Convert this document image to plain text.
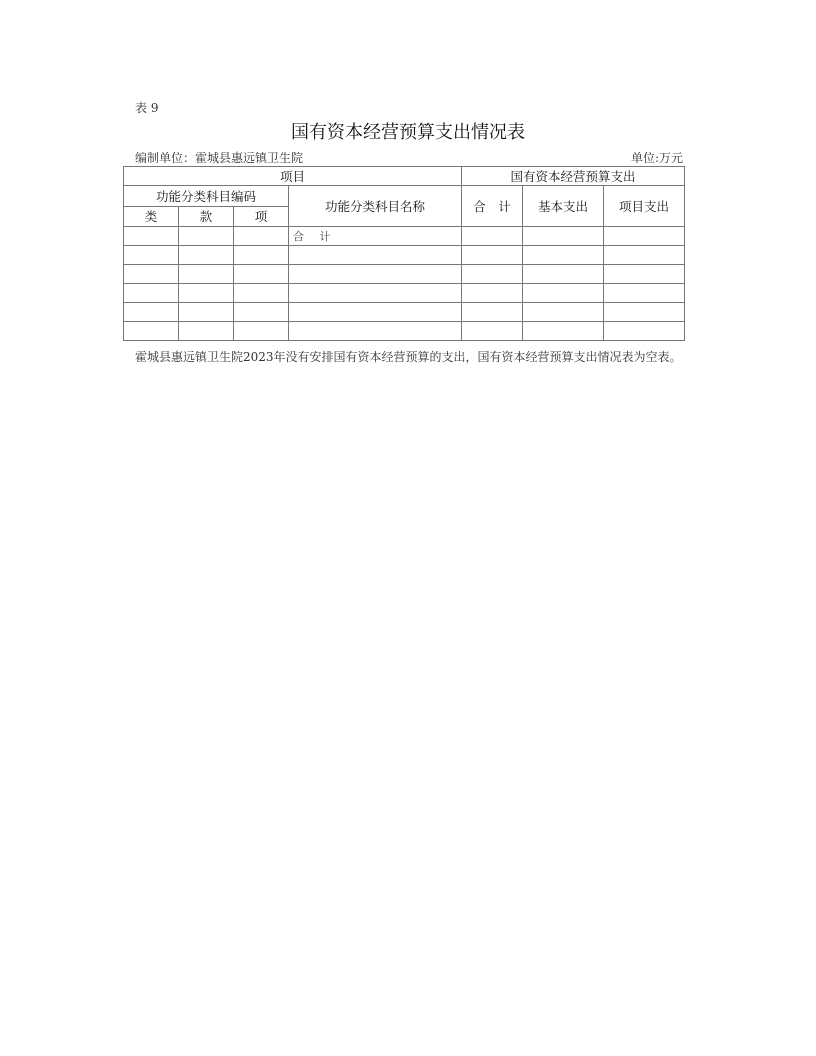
表 9
国有资本经营预算支出情况表
编制单位：霍城县惠远镇卫生院	单位:万元
项目				国有资本经营预算支出		
功能分类科目编码			功能分类科目名称	合　计	基本支出	项目支出
类	款	项				
			合 计			

霍城县惠远镇卫生院2023年没有安排国有资本经营预算的支出，国有资本经营预算支出情况表为空表。
